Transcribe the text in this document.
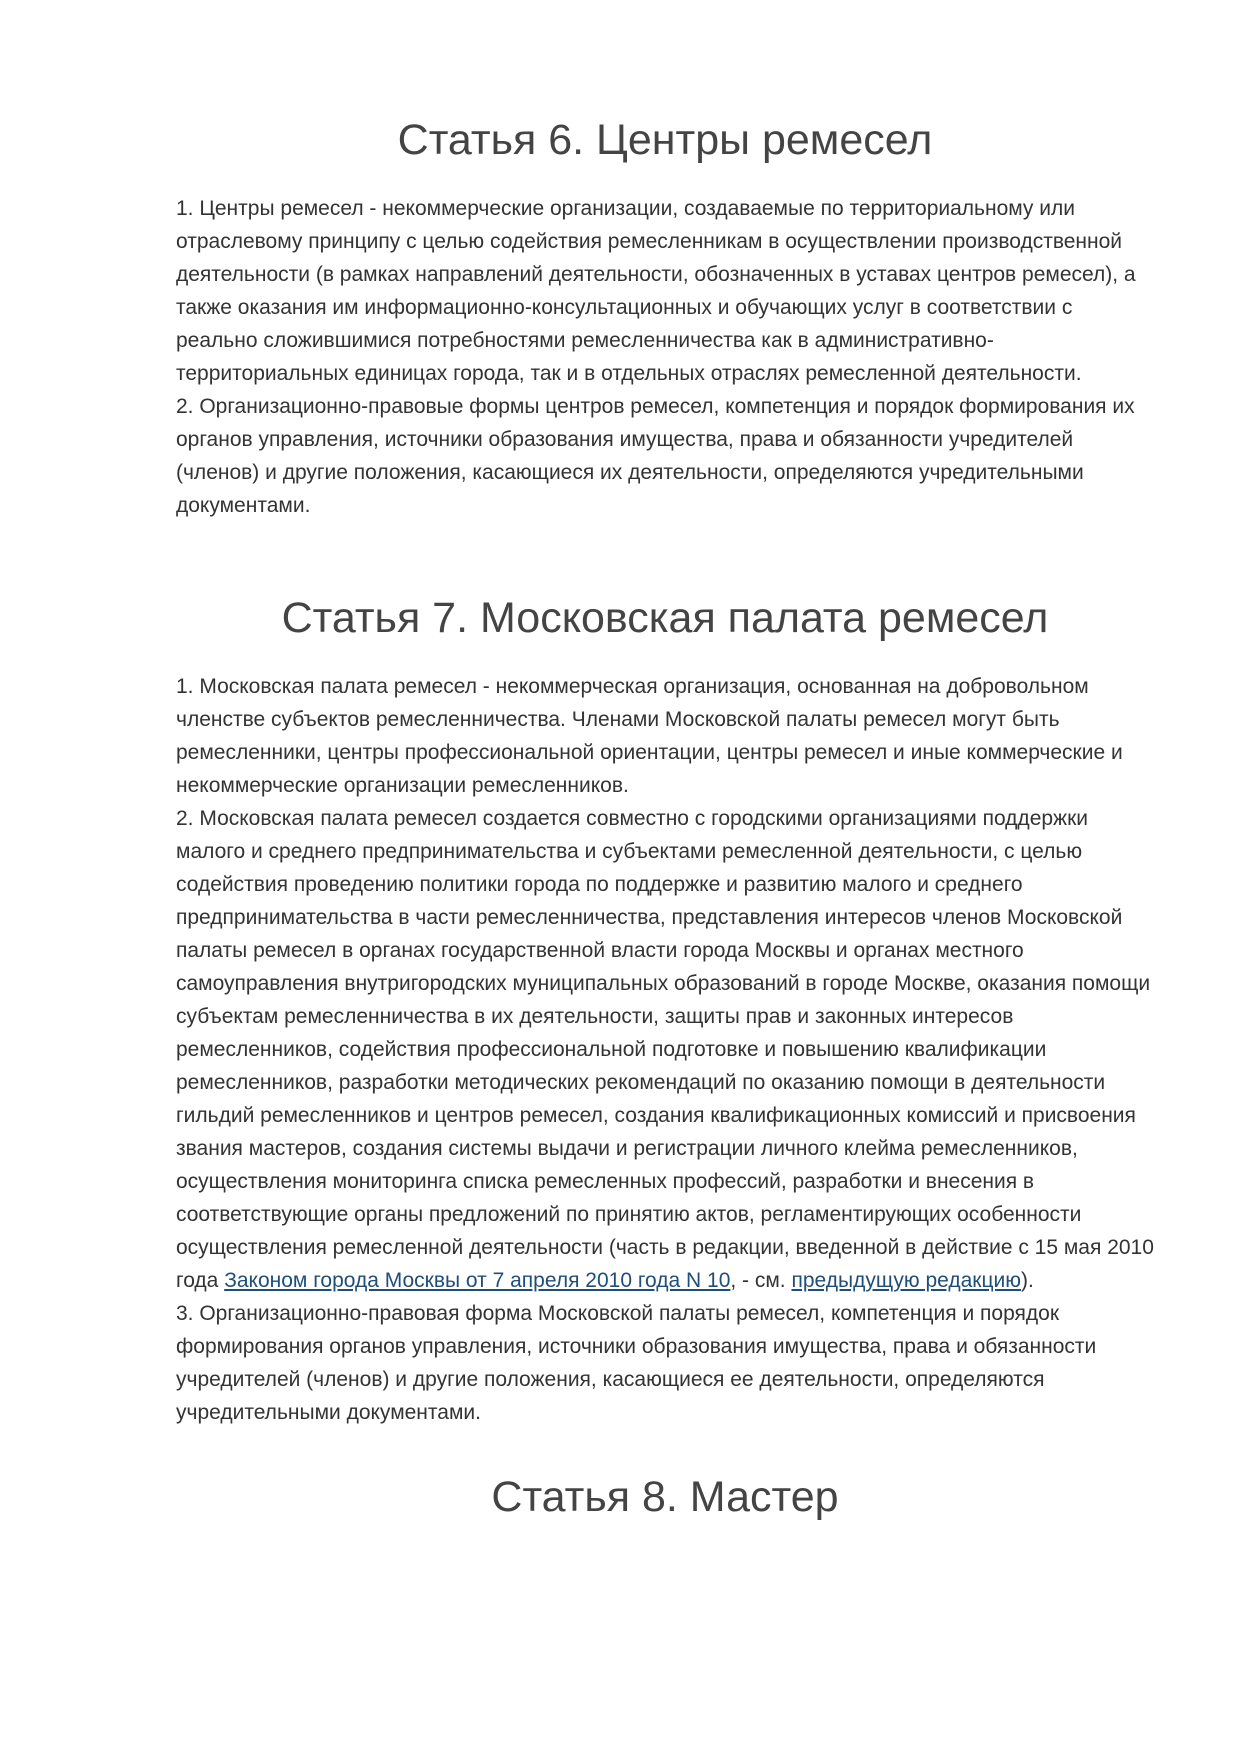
Статья 6. Центры ремесел

1. Центры ремесел - некоммерческие организации, создаваемые по территориальному или отраслевому принципу с целью содействия ремесленникам в осуществлении производственной деятельности (в рамках направлений деятельности, обозначенных в уставах центров ремесел), а также оказания им информационно-консультационных и обучающих услуг в соответствии с реально сложившимися потребностями ремесленничества как в административно-территориальных единицах города, так и в отдельных отраслях ремесленной деятельности.

2. Организационно-правовые формы центров ремесел, компетенция и порядок формирования их органов управления, источники образования имущества, права и обязанности учредителей (членов) и другие положения, касающиеся их деятельности, определяются учредительными документами.

Статья 7. Московская палата ремесел

1. Московская палата ремесел - некоммерческая организация, основанная на добровольном членстве субъектов ремесленничества. Членами Московской палаты ремесел могут быть ремесленники, центры профессиональной ориентации, центры ремесел и иные коммерческие и некоммерческие организации ремесленников.

2. Московская палата ремесел создается совместно с городскими организациями поддержки малого и среднего предпринимательства и субъектами ремесленной деятельности, с целью содействия проведению политики города по поддержке и развитию малого и среднего предпринимательства в части ремесленничества, представления интересов членов Московской палаты ремесел в органах государственной власти города Москвы и органах местного самоуправления внутригородских муниципальных образований в городе Москве, оказания помощи субъектам ремесленничества в их деятельности, защиты прав и законных интересов ремесленников, содействия профессиональной подготовке и повышению квалификации ремесленников, разработки методических рекомендаций по оказанию помощи в деятельности гильдий ремесленников и центров ремесел, создания квалификационных комиссий и присвоения звания мастеров, создания системы выдачи и регистрации личного клейма ремесленников, осуществления мониторинга списка ремесленных профессий, разработки и внесения в соответствующие органы предложений по принятию актов, регламентирующих особенности осуществления ремесленной деятельности (часть в редакции, введенной в действие с 15 мая 2010 года Законом города Москвы от 7 апреля 2010 года N 10, - см. предыдущую редакцию).

3. Организационно-правовая форма Московской палаты ремесел, компетенция и порядок формирования органов управления, источники образования имущества, права и обязанности учредителей (членов) и другие положения, касающиеся ее деятельности, определяются учредительными документами.

Статья 8. Мастер
